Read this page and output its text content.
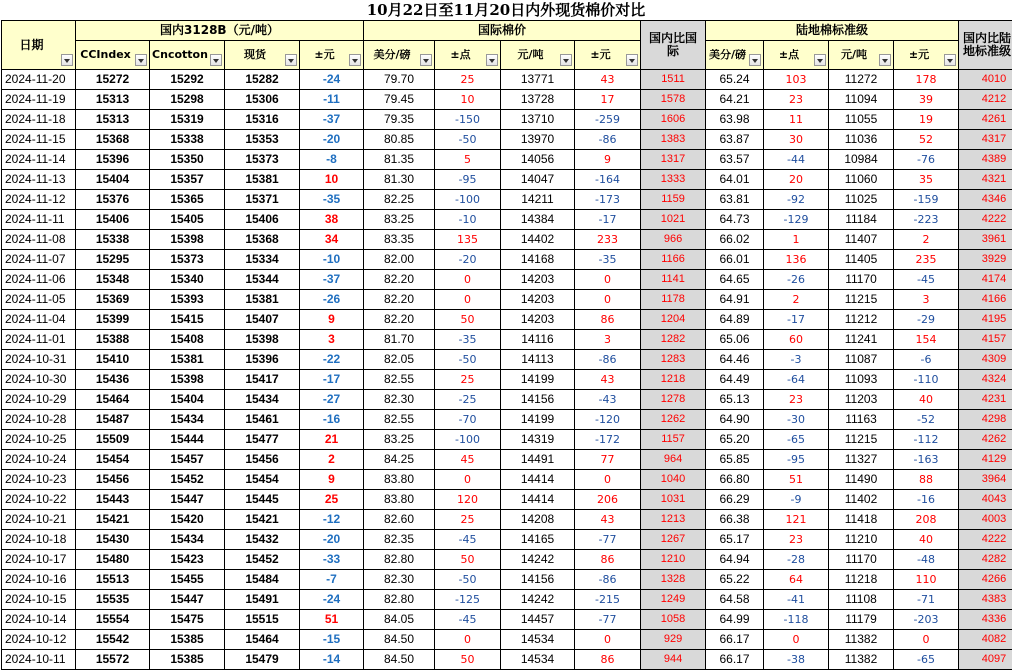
10月22日至11月20日内外现货棉价对比
日期	国内3128B（元/吨）				国际棉价				国内比国际	陆地棉标准级				国内比陆地标准级

	CCIndex	Cncotton	现货	±元	美分/磅	±点	元/吨	±元		美分/磅	±点	元/吨	±元	

2024-11-20	15272	15292	15282	-24	79.70	25	13771	43	1511	65.24	103	11272	178	4010
2024-11-19	15313	15298	15306	-11	79.45	10	13728	17	1578	64.21	23	11094	39	4212
2024-11-18	15313	15319	15316	-37	79.35	-150	13710	-259	1606	63.98	11	11055	19	4261
2024-11-15	15368	15338	15353	-20	80.85	-50	13970	-86	1383	63.87	30	11036	52	4317
2024-11-14	15396	15350	15373	-8	81.35	5	14056	9	1317	63.57	-44	10984	-76	4389
2024-11-13	15404	15357	15381	10	81.30	-95	14047	-164	1333	64.01	20	11060	35	4321
2024-11-12	15376	15365	15371	-35	82.25	-100	14211	-173	1159	63.81	-92	11025	-159	4346
2024-11-11	15406	15405	15406	38	83.25	-10	14384	-17	1021	64.73	-129	11184	-223	4222
2024-11-08	15338	15398	15368	34	83.35	135	14402	233	966	66.02	1	11407	2	3961
2024-11-07	15295	15373	15334	-10	82.00	-20	14168	-35	1166	66.01	136	11405	235	3929
2024-11-06	15348	15340	15344	-37	82.20	0	14203	0	1141	64.65	-26	11170	-45	4174
2024-11-05	15369	15393	15381	-26	82.20	0	14203	0	1178	64.91	2	11215	3	4166
2024-11-04	15399	15415	15407	9	82.20	50	14203	86	1204	64.89	-17	11212	-29	4195
2024-11-01	15388	15408	15398	3	81.70	-35	14116	3	1282	65.06	60	11241	154	4157
2024-10-31	15410	15381	15396	-22	82.05	-50	14113	-86	1283	64.46	-3	11087	-6	4309
2024-10-30	15436	15398	15417	-17	82.55	25	14199	43	1218	64.49	-64	11093	-110	4324
2024-10-29	15464	15404	15434	-27	82.30	-25	14156	-43	1278	65.13	23	11203	40	4231
2024-10-28	15487	15434	15461	-16	82.55	-70	14199	-120	1262	64.90	-30	11163	-52	4298
2024-10-25	15509	15444	15477	21	83.25	-100	14319	-172	1157	65.20	-65	11215	-112	4262
2024-10-24	15454	15457	15456	2	84.25	45	14491	77	964	65.85	-95	11327	-163	4129
2024-10-23	15456	15452	15454	9	83.80	0	14414	0	1040	66.80	51	11490	88	3964
2024-10-22	15443	15447	15445	25	83.80	120	14414	206	1031	66.29	-9	11402	-16	4043
2024-10-21	15421	15420	15421	-12	82.60	25	14208	43	1213	66.38	121	11418	208	4003
2024-10-18	15430	15434	15432	-20	82.35	-45	14165	-77	1267	65.17	23	11210	40	4222
2024-10-17	15480	15423	15452	-33	82.80	50	14242	86	1210	64.94	-28	11170	-48	4282
2024-10-16	15513	15455	15484	-7	82.30	-50	14156	-86	1328	65.22	64	11218	110	4266
2024-10-15	15535	15447	15491	-24	82.80	-125	14242	-215	1249	64.58	-41	11108	-71	4383
2024-10-14	15554	15475	15515	51	84.05	-45	14457	-77	1058	64.99	-118	11179	-203	4336
2024-10-12	15542	15385	15464	-15	84.50	0	14534	0	929	66.17	0	11382	0	4082
2024-10-11	15572	15385	15479	-14	84.50	50	14534	86	944	66.17	-38	11382	-65	4097
